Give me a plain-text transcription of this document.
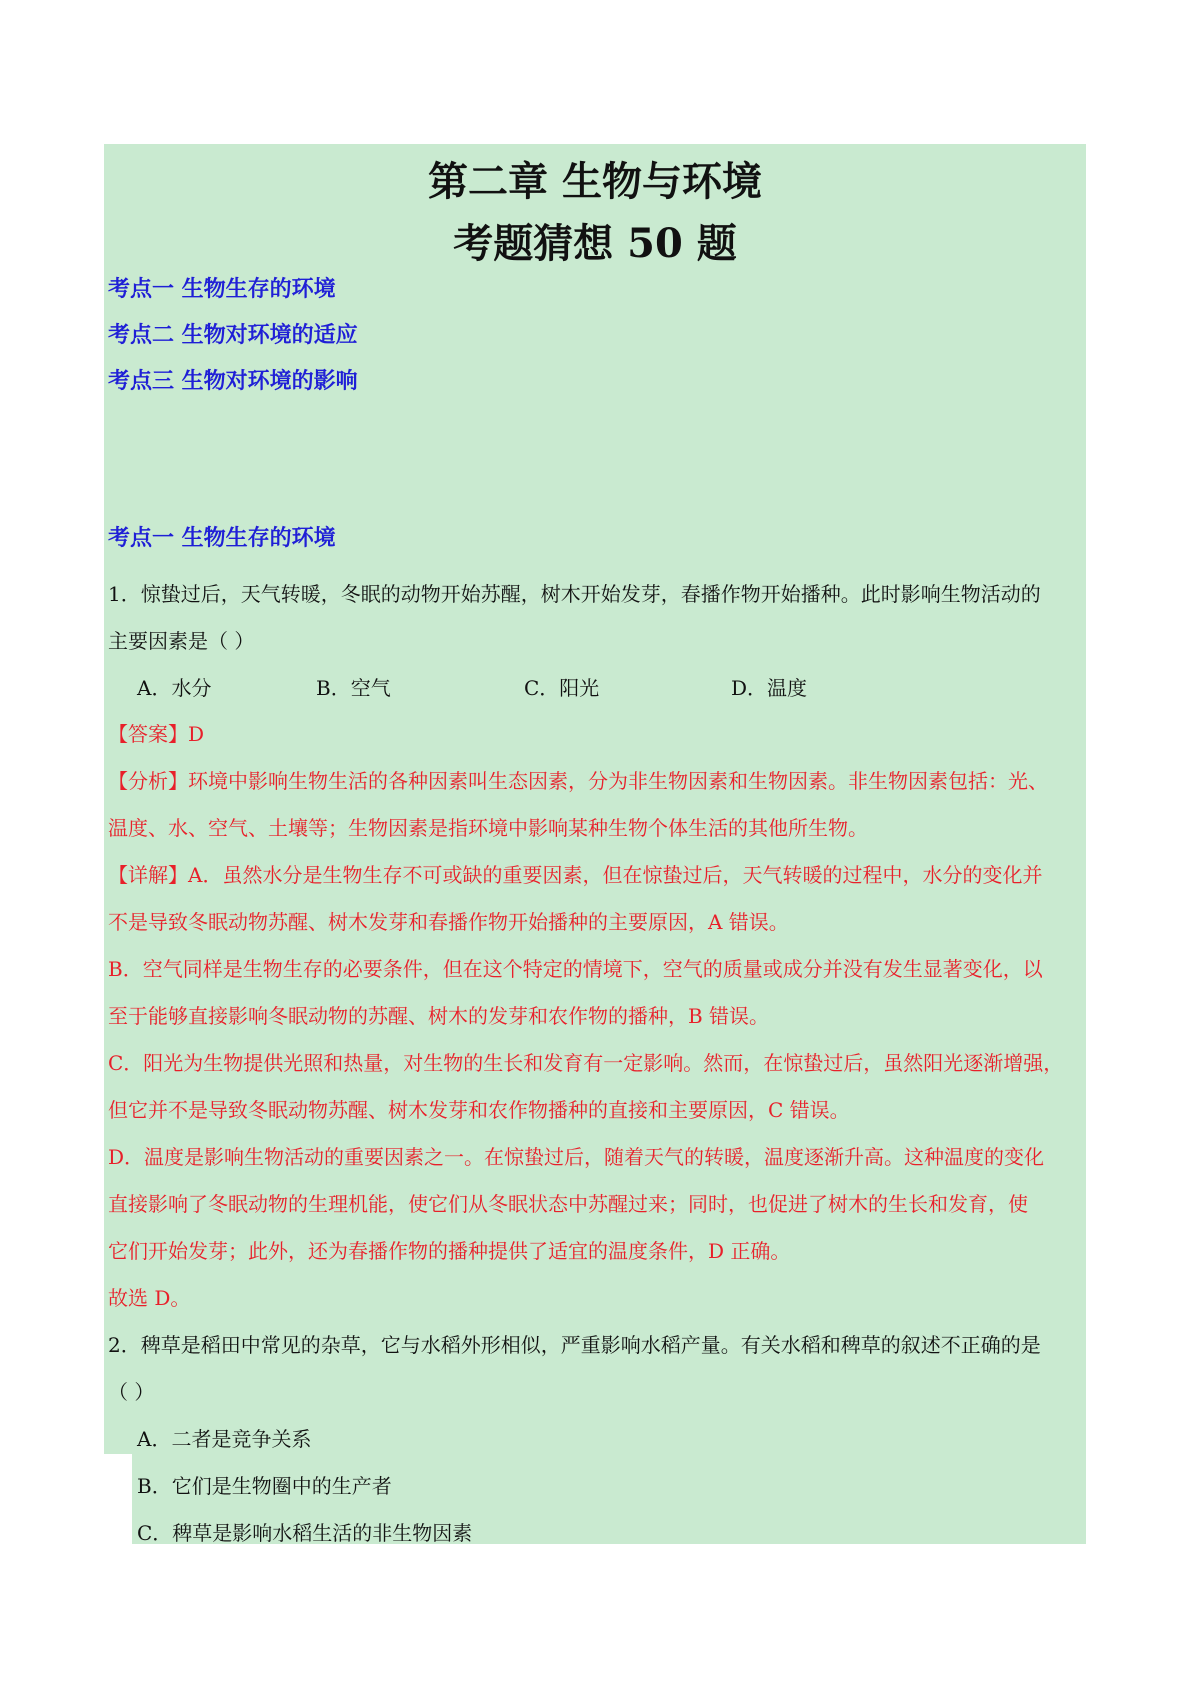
第二章 生物与环境
考题猜想 50 题
考点一 生物生存的环境
考点二 生物对环境的适应
考点三 生物对环境的影响
考点一 生物生存的环境
1．惊蛰过后，天气转暖，冬眠的动物开始苏醒，树木开始发芽，春播作物开始播种。此时影响生物活动的
主要因素是（ ）
A．水分	B．空气	C．阳光	D．温度
【答案】D
【分析】环境中影响生物生活的各种因素叫生态因素，分为非生物因素和生物因素。非生物因素包括：光、
温度、水、空气、土壤等；生物因素是指环境中影响某种生物个体生活的其他所生物。
【详解】A．虽然水分是生物生存不可或缺的重要因素，但在惊蛰过后，天气转暖的过程中，水分的变化并
不是导致冬眠动物苏醒、树木发芽和春播作物开始播种的主要原因，A 错误。
B．空气同样是生物生存的必要条件，但在这个特定的情境下，空气的质量或成分并没有发生显著变化，以
至于能够直接影响冬眠动物的苏醒、树木的发芽和农作物的播种，B 错误。
C．阳光为生物提供光照和热量，对生物的生长和发育有一定影响。然而，在惊蛰过后，虽然阳光逐渐增强，
但它并不是导致冬眠动物苏醒、树木发芽和农作物播种的直接和主要原因，C 错误。
D．温度是影响生物活动的重要因素之一。在惊蛰过后，随着天气的转暖，温度逐渐升高。这种温度的变化
直接影响了冬眠动物的生理机能，使它们从冬眠状态中苏醒过来；同时，也促进了树木的生长和发育，使
它们开始发芽；此外，还为春播作物的播种提供了适宜的温度条件，D 正确。
故选 D。
2．稗草是稻田中常见的杂草，它与水稻外形相似，严重影响水稻产量。有关水稻和稗草的叙述不正确的是
（ ）
A．二者是竞争关系
B．它们是生物圈中的生产者
C．稗草是影响水稻生活的非生物因素
